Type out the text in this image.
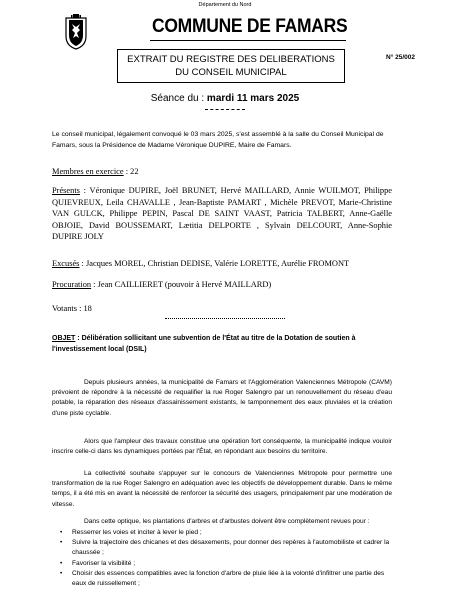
Département du Nord
COMMUNE DE FAMARS
EXTRAIT DU REGISTRE DES DELIBERATIONS
DU CONSEIL MUNICIPAL
N° 25/002
Séance du : mardi 11 mars 2025
Le conseil municipal, légalement convoqué le 03 mars 2025, s'est assemblé à la salle du Conseil Municipal de Famars, sous la Présidence de Madame Véronique DUPIRE, Maire de Famars.
Membres en exercice : 22
Présents : Véronique DUPIRE, Joël BRUNET, Hervé MAILLARD, Annie WUILMOT, Philippe QUIEVREUX, Leila CHAVALLE , Jean-Baptiste PAMART , Michèle PREVOT, Marie-Christine VAN GULCK, Philippe PEPIN, Pascal DE SAINT VAAST, Patricia TALBERT, Anne-Gaëlle OBJOIE, David BOUSSEMART, Lætitia DELPORTE , Sylvain DELCOURT, Anne-Sophie DUPIRE JOLY
Excusés : Jacques MOREL, Christian DEDISE, Valérie LORETTE, Aurélie FROMONT
Procuration : Jean CAILLIERET (pouvoir à Hervé MAILLARD)
Votants : 18
OBJET : Délibération sollicitant une subvention de l'État au titre de la Dotation de soutien à l'investissement local (DSIL)
Depuis plusieurs années, la municipalité de Famars et l'Agglomération Valenciennes Métropole (CAVM) prévoient de répondre à la nécessité de requalifier la rue Roger Salengro par un renouvellement du réseau d'eau potable, la réparation des réseaux d'assainissement existants, le tamponnement des eaux pluviales et la création d'une piste cyclable.
Alors que l'ampleur des travaux constitue une opération fort conséquente, la municipalité indique vouloir inscrire celle-ci dans les dynamiques portées par l'État, en répondant aux besoins du territoire.
La collectivité souhaite s'appuyer sur le concours de Valenciennes Métropole pour permettre une transformation de la rue Roger Salengro en adéquation avec les objectifs de développement durable. Dans le même temps, il a été mis en avant la nécessité de renforcer la sécurité des usagers, principalement par une modération de vitesse.
Dans cette optique, les plantations d'arbres et d'arbustes doivent être complètement revues pour :
• Resserrer les voies et inciter à lever le pied ;
• Suivre la trajectoire des chicanes et des désaxements, pour donner des repères à l'automobiliste et cadrer la chaussée ;
• Favoriser la visibilité ;
• Choisir des essences compatibles avec la fonction d'arbre de pluie liée à la volonté d'infiltrer une partie des eaux de ruissellement ;
